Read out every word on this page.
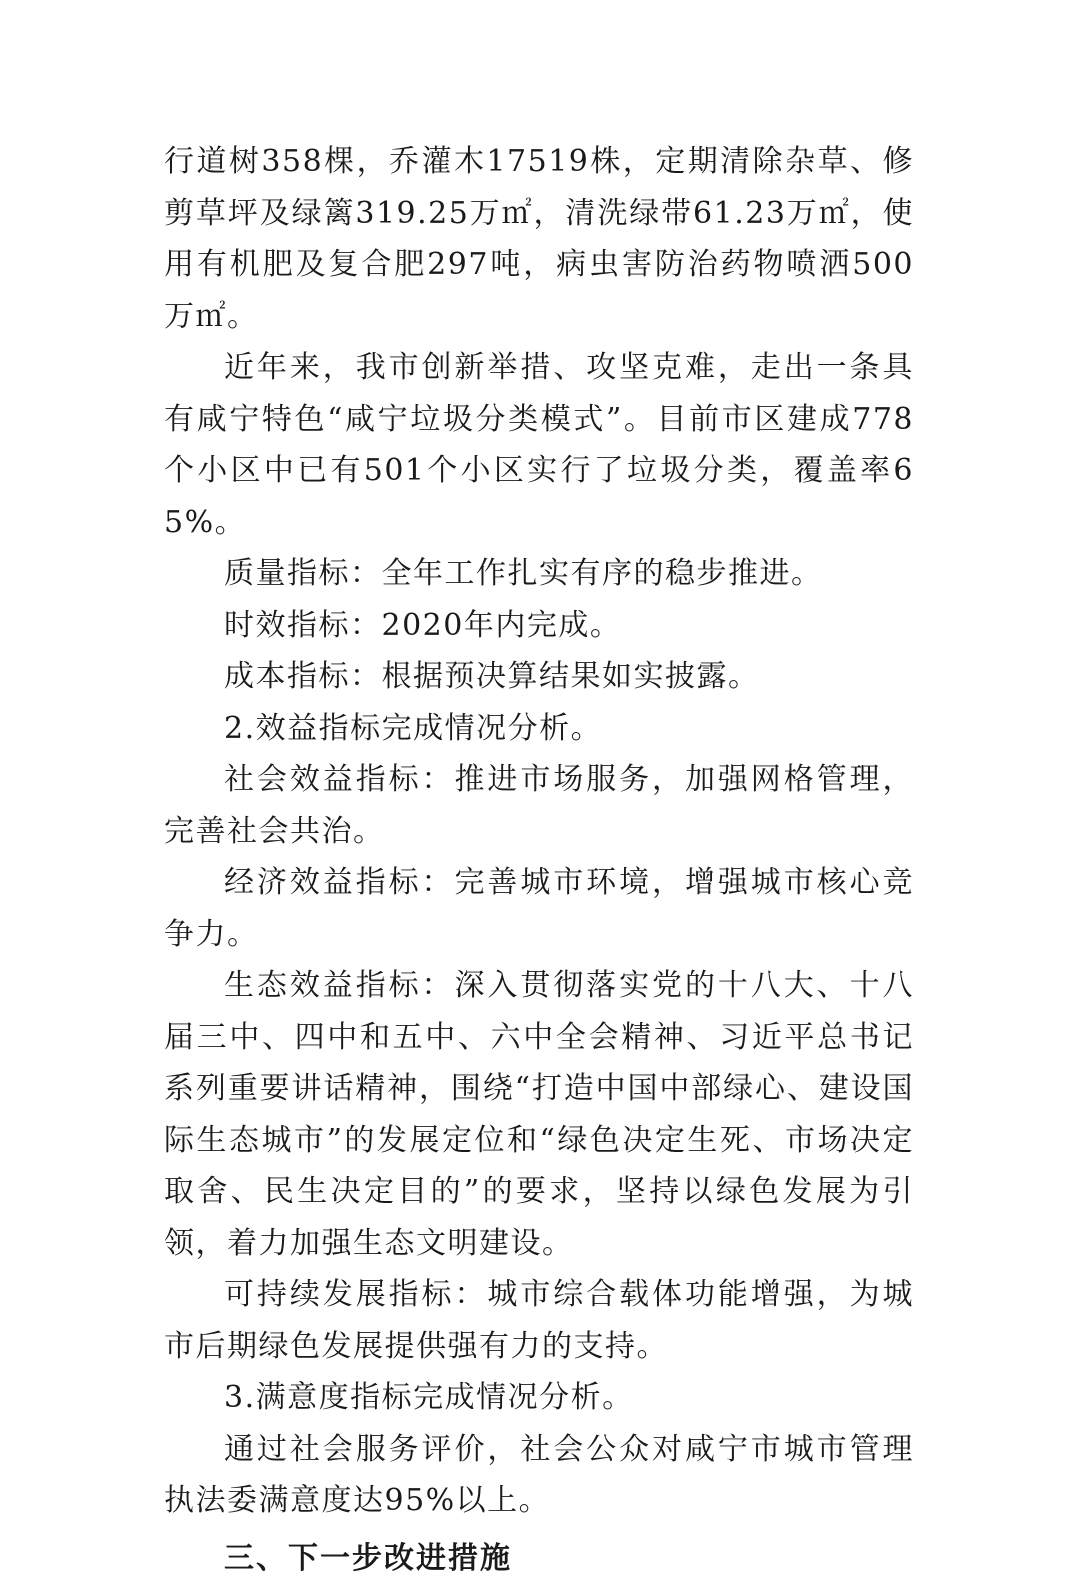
行道树358棵，乔灌木17519株，定期清除杂草、修剪草坪及绿篱319.25万㎡，清洗绿带61.23万㎡，使用有机肥及复合肥297吨，病虫害防治药物喷洒500万㎡。

近年来，我市创新举措、攻坚克难，走出一条具有咸宁特色“咸宁垃圾分类模式”。目前市区建成778个小区中已有501个小区实行了垃圾分类，覆盖率65%。

质量指标：全年工作扎实有序的稳步推进。

时效指标：2020年内完成。

成本指标：根据预决算结果如实披露。

2.效益指标完成情况分析。

社会效益指标：推进市场服务，加强网格管理，完善社会共治。

经济效益指标：完善城市环境，增强城市核心竞争力。

生态效益指标：深入贯彻落实党的十八大、十八届三中、四中和五中、六中全会精神、习近平总书记系列重要讲话精神，围绕“打造中国中部绿心、建设国际生态城市”的发展定位和“绿色决定生死、市场决定取舍、民生决定目的”的要求，坚持以绿色发展为引领，着力加强生态文明建设。

可持续发展指标：城市综合载体功能增强，为城市后期绿色发展提供强有力的支持。

3.满意度指标完成情况分析。

通过社会服务评价，社会公众对咸宁市城市管理执法委满意度达95%以上。

三、下一步改进措施
